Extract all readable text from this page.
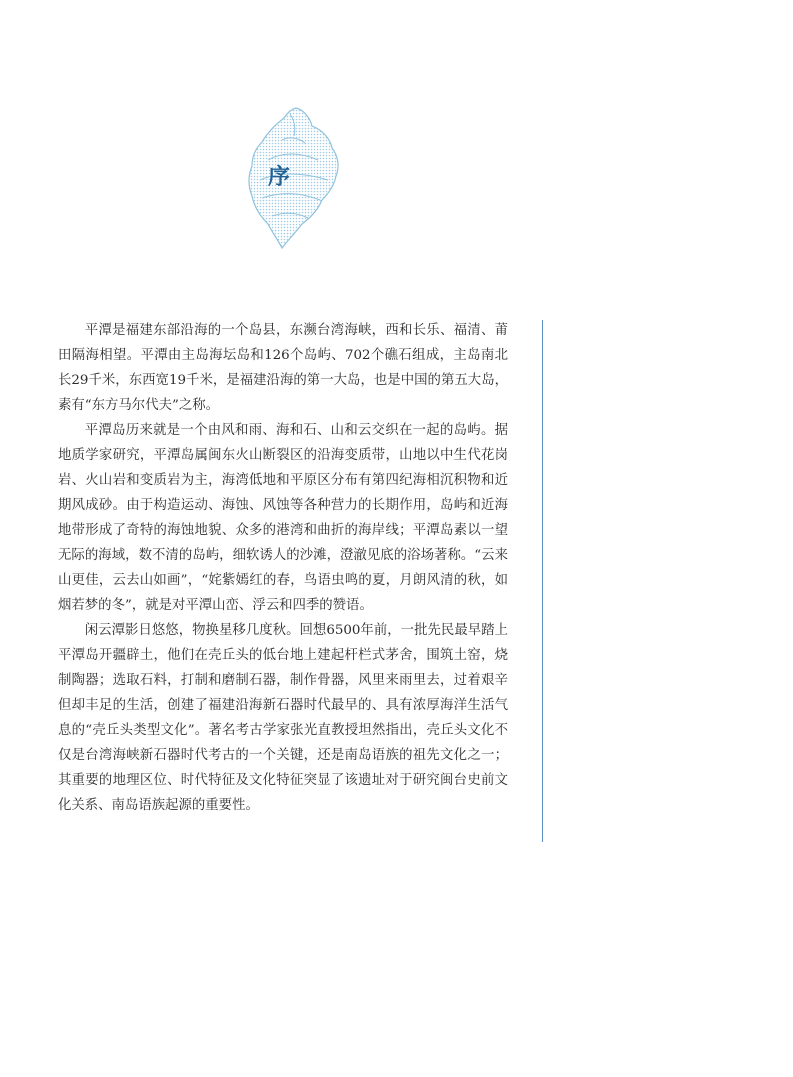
序

平潭是福建东部沿海的一个岛县，东濒台湾海峡，西和长乐、福清、莆田隔海相望。平潭由主岛海坛岛和126个岛屿、702个礁石组成，主岛南北长29千米，东西宽19千米，是福建沿海的第一大岛，也是中国的第五大岛，素有“东方马尔代夫”之称。

平潭岛历来就是一个由风和雨、海和石、山和云交织在一起的岛屿。据地质学家研究，平潭岛属闽东火山断裂区的沿海变质带，山地以中生代花岗岩、火山岩和变质岩为主，海湾低地和平原区分布有第四纪海相沉积物和近期风成砂。由于构造运动、海蚀、风蚀等各种营力的长期作用，岛屿和近海地带形成了奇特的海蚀地貌、众多的港湾和曲折的海岸线；平潭岛素以一望无际的海域，数不清的岛屿，细软诱人的沙滩，澄澈见底的浴场著称。“云来山更佳，云去山如画”，“姹紫嫣红的春，鸟语虫鸣的夏，月朗风清的秋，如烟若梦的冬”，就是对平潭山峦、浮云和四季的赞语。

闲云潭影日悠悠，物换星移几度秋。回想6500年前，一批先民最早踏上平潭岛开疆辟土，他们在壳丘头的低台地上建起杆栏式茅舍，围筑土窑，烧制陶器；选取石料，打制和磨制石器，制作骨器，风里来雨里去，过着艰辛但却丰足的生活，创建了福建沿海新石器时代最早的、具有浓厚海洋生活气息的“壳丘头类型文化”。著名考古学家张光直教授坦然指出，壳丘头文化不仅是台湾海峡新石器时代考古的一个关键，还是南岛语族的祖先文化之一；其重要的地理区位、时代特征及文化特征突显了该遗址对于研究闽台史前文化关系、南岛语族起源的重要性。
